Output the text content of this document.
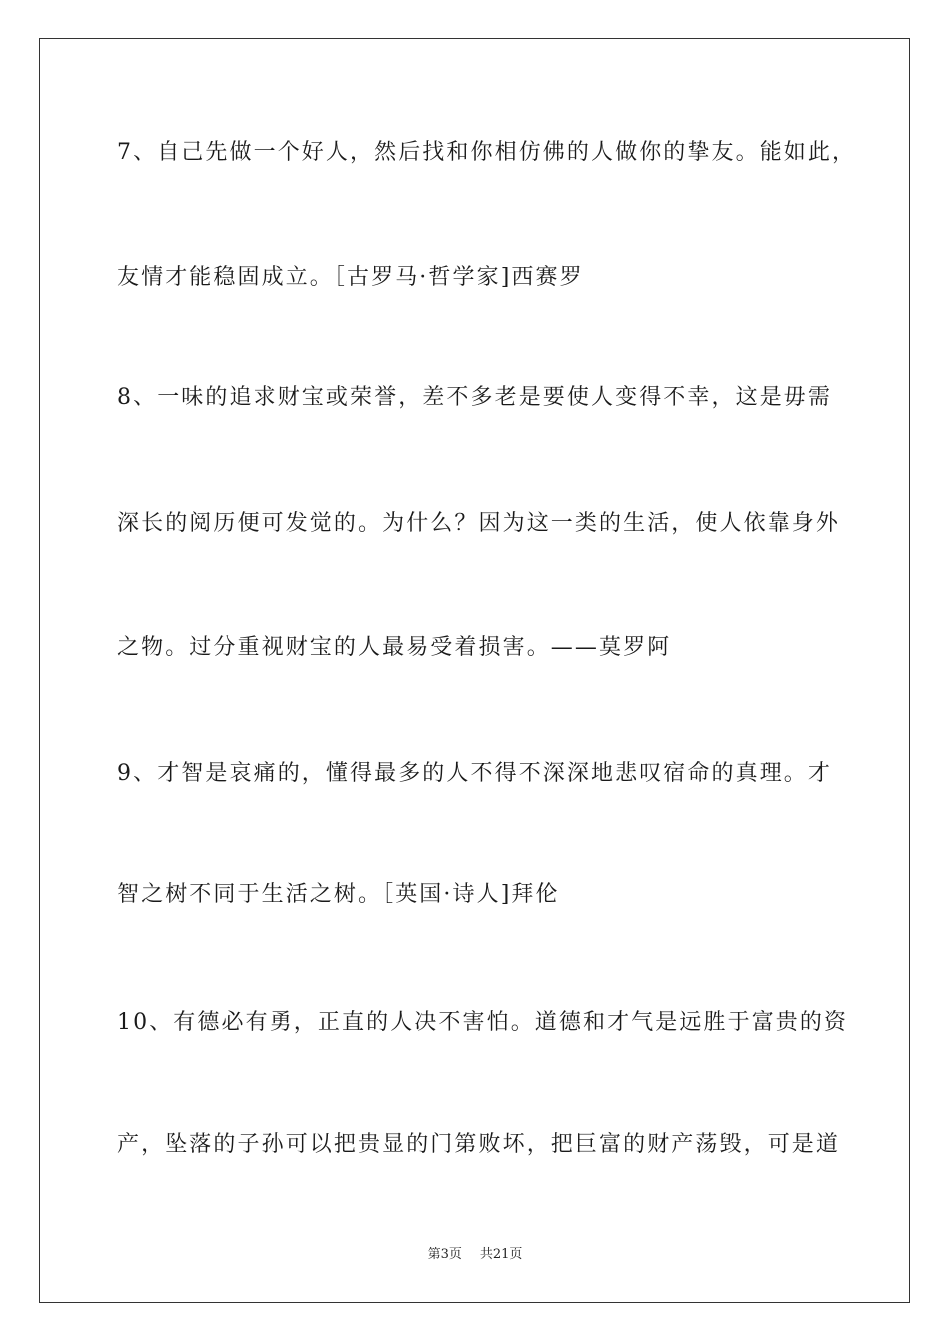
7、自己先做一个好人，然后找和你相仿佛的人做你的挚友。能如此，
友情才能稳固成立。［古罗马·哲学家]西赛罗
8、一味的追求财宝或荣誉，差不多老是要使人变得不幸，这是毋需
深长的阅历便可发觉的。为什么？因为这一类的生活，使人依靠身外
之物。过分重视财宝的人最易受着损害。——莫罗阿
9、才智是哀痛的，懂得最多的人不得不深深地悲叹宿命的真理。才
智之树不同于生活之树。［英国·诗人]拜伦
10、有德必有勇，正直的人决不害怕。道德和才气是远胜于富贵的资
产，坠落的子孙可以把贵显的门第败坏，把巨富的财产荡毁，可是道
第3页 共21页
